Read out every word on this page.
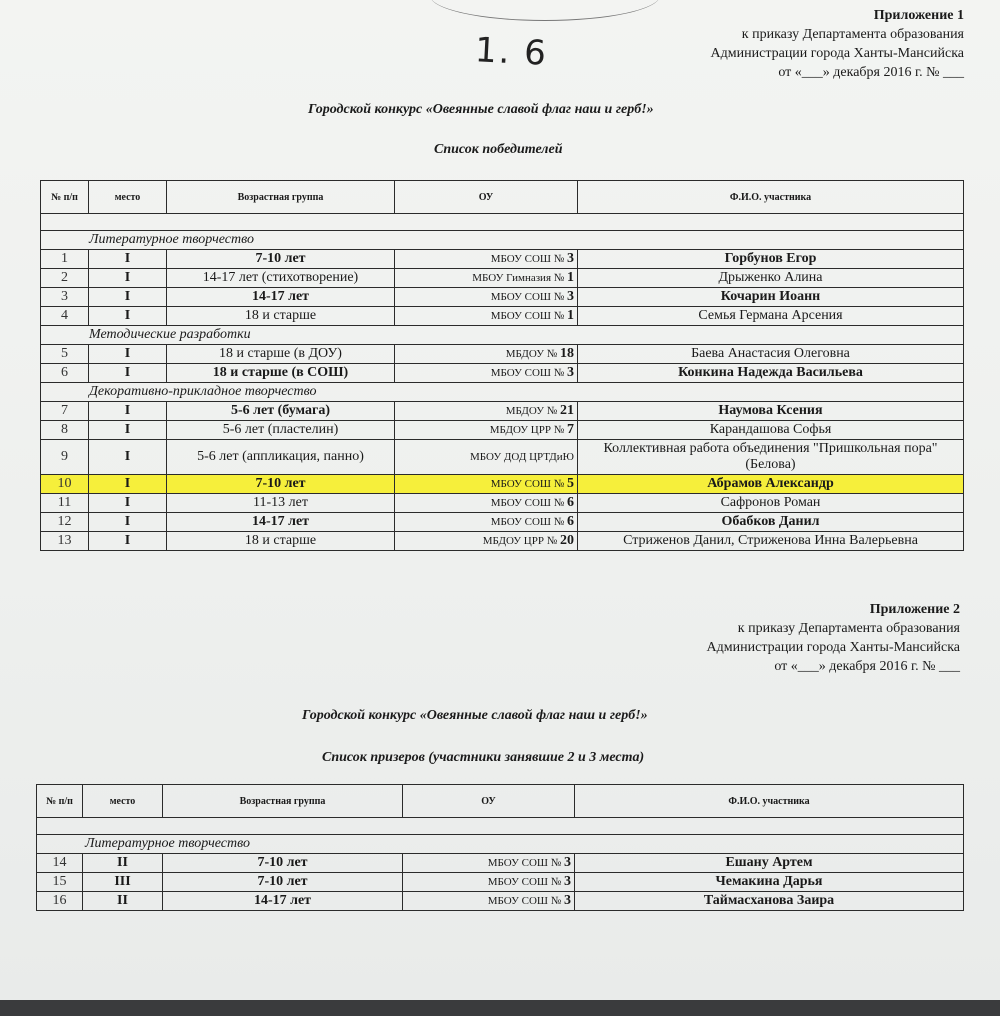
1. 6
Приложение 1
к приказу Департамента образования
Администрации города Ханты-Мансийска
от «___» декабря 2016 г. № ___
Городской конкурс «Овеянные славой флаг наш и герб!»
Список победителей
№ п/п	место	Возрастная группа	ОУ	Ф.И.О. участника

Литературное творчество				
1	I	7-10 лет	МБОУ СОШ № 3	Горбунов Егор

2	I	14-17 лет (стихотворение)	МБОУ Гимназия № 1	Дрыженко Алина

3	I	14-17 лет	МБОУ СОШ № 3	Кочарин Иоанн

4	I	18 и старше	МБОУ СОШ № 1	Семья Германа Арсения

Методические разработки				
5	I	18 и старше (в ДОУ)	МБДОУ № 18	Баева Анастасия Олеговна

6	I	18 и старше (в СОШ)	МБОУ СОШ № 3	Конкина Надежда Васильева

Декоративно-прикладное творчество				
7	I	5-6 лет (бумага)	МБДОУ № 21	Наумова Ксения

8	I	5-6 лет (пластелин)	МБДОУ ЦРР № 7	Карандашова Софья

9	I	5-6 лет (аппликация, панно)	МБОУ ДОД ЦРТДиЮ	Коллективная работа объединения "Пришкольная пора"
(Белова)

10	I	7-10 лет	МБОУ СОШ № 5	Абрамов Александр

11	I	11-13 лет	МБОУ СОШ № 6	Сафронов Роман

12	I	14-17 лет	МБОУ СОШ № 6	Обабков Данил

13	I	18 и старше	МБДОУ ЦРР № 20	Стриженов Данил, Стриженова Инна Валерьевна
Приложение 2
к приказу Департамента образования
Администрации города Ханты-Мансийска
от «___» декабря 2016 г. № ___
Городской конкурс «Овеянные славой флаг наш и герб!»
Список призеров (участники занявшие 2 и 3 места)
№ п/п	место	Возрастная группа	ОУ	Ф.И.О. участника

Литературное творчество				
14	II	7-10 лет	МБОУ СОШ № 3	Ешану Артем

15	III	7-10 лет	МБОУ СОШ № 3	Чемакина Дарья

16	II	14-17 лет	МБОУ СОШ № 3	Таймасханова Заира
